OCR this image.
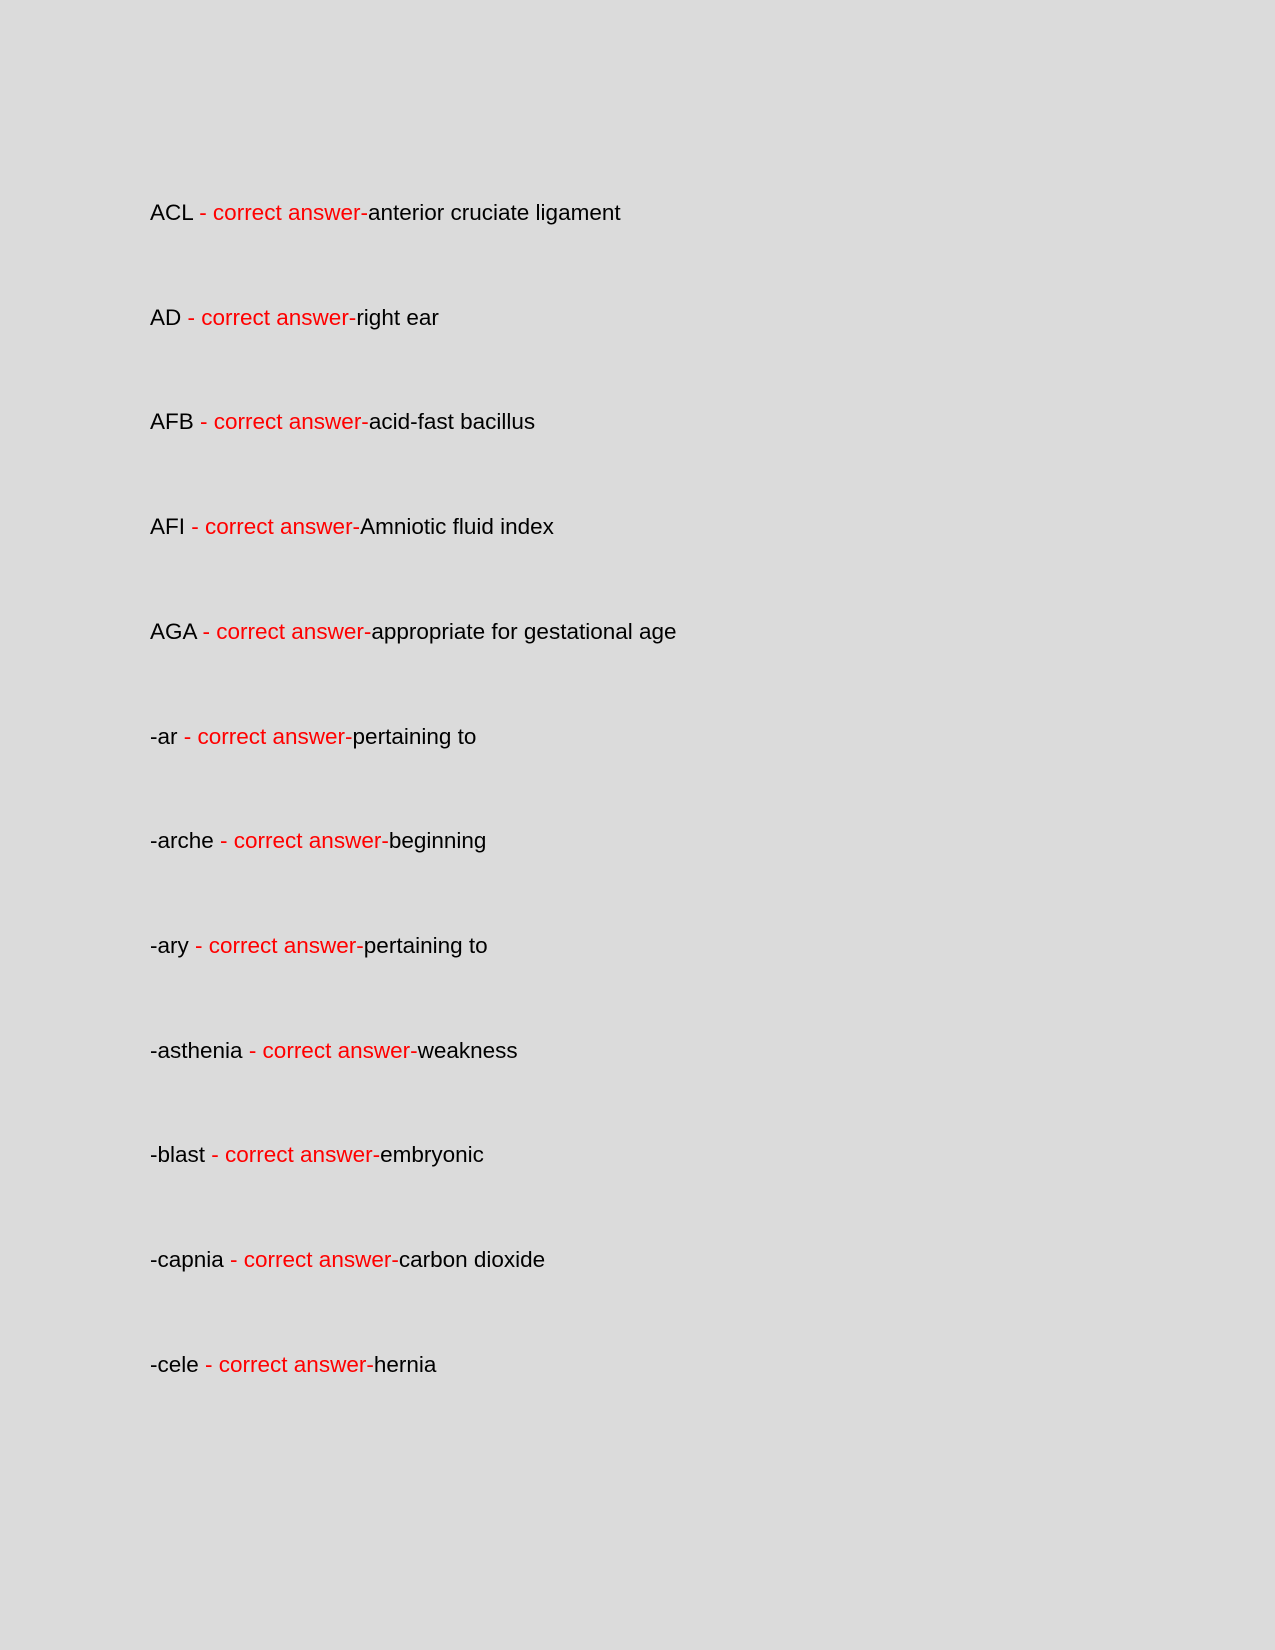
ACL - correct answer-anterior cruciate ligament
AD - correct answer-right ear
AFB - correct answer-acid-fast bacillus
AFI - correct answer-Amniotic fluid index
AGA - correct answer-appropriate for gestational age
-ar - correct answer-pertaining to
-arche - correct answer-beginning
-ary - correct answer-pertaining to
-asthenia - correct answer-weakness
-blast - correct answer-embryonic
-capnia - correct answer-carbon dioxide
-cele - correct answer-hernia
